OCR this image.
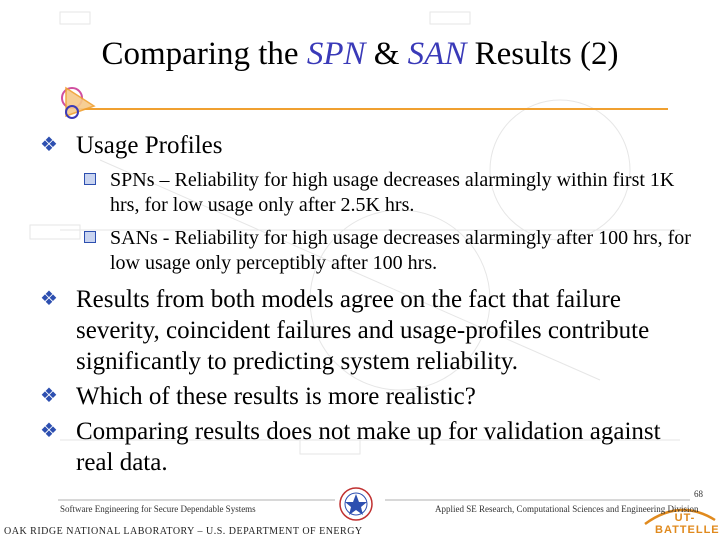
Comparing the SPN & SAN Results (2)
❖ Usage Profiles
SPNs – Reliability for high usage decreases alarmingly within first 1K hrs, for low usage only after 2.5K hrs.
SANs - Reliability for high usage decreases alarmingly after 100 hrs, for low usage only perceptibly after 100 hrs.
❖ Results from both models agree on the fact that failure severity, coincident failures and usage-profiles contribute significantly to predicting system reliability.
❖ Which of these results is more realistic?
❖ Comparing results does not make up for validation against real data.
Software Engineering for Secure Dependable Systems	Applied SE Research, Computational Sciences and Engineering Division
68
OAK RIDGE NATIONAL LABORATORY – U.S. DEPARTMENT OF ENERGY
UT-BATTELLE
